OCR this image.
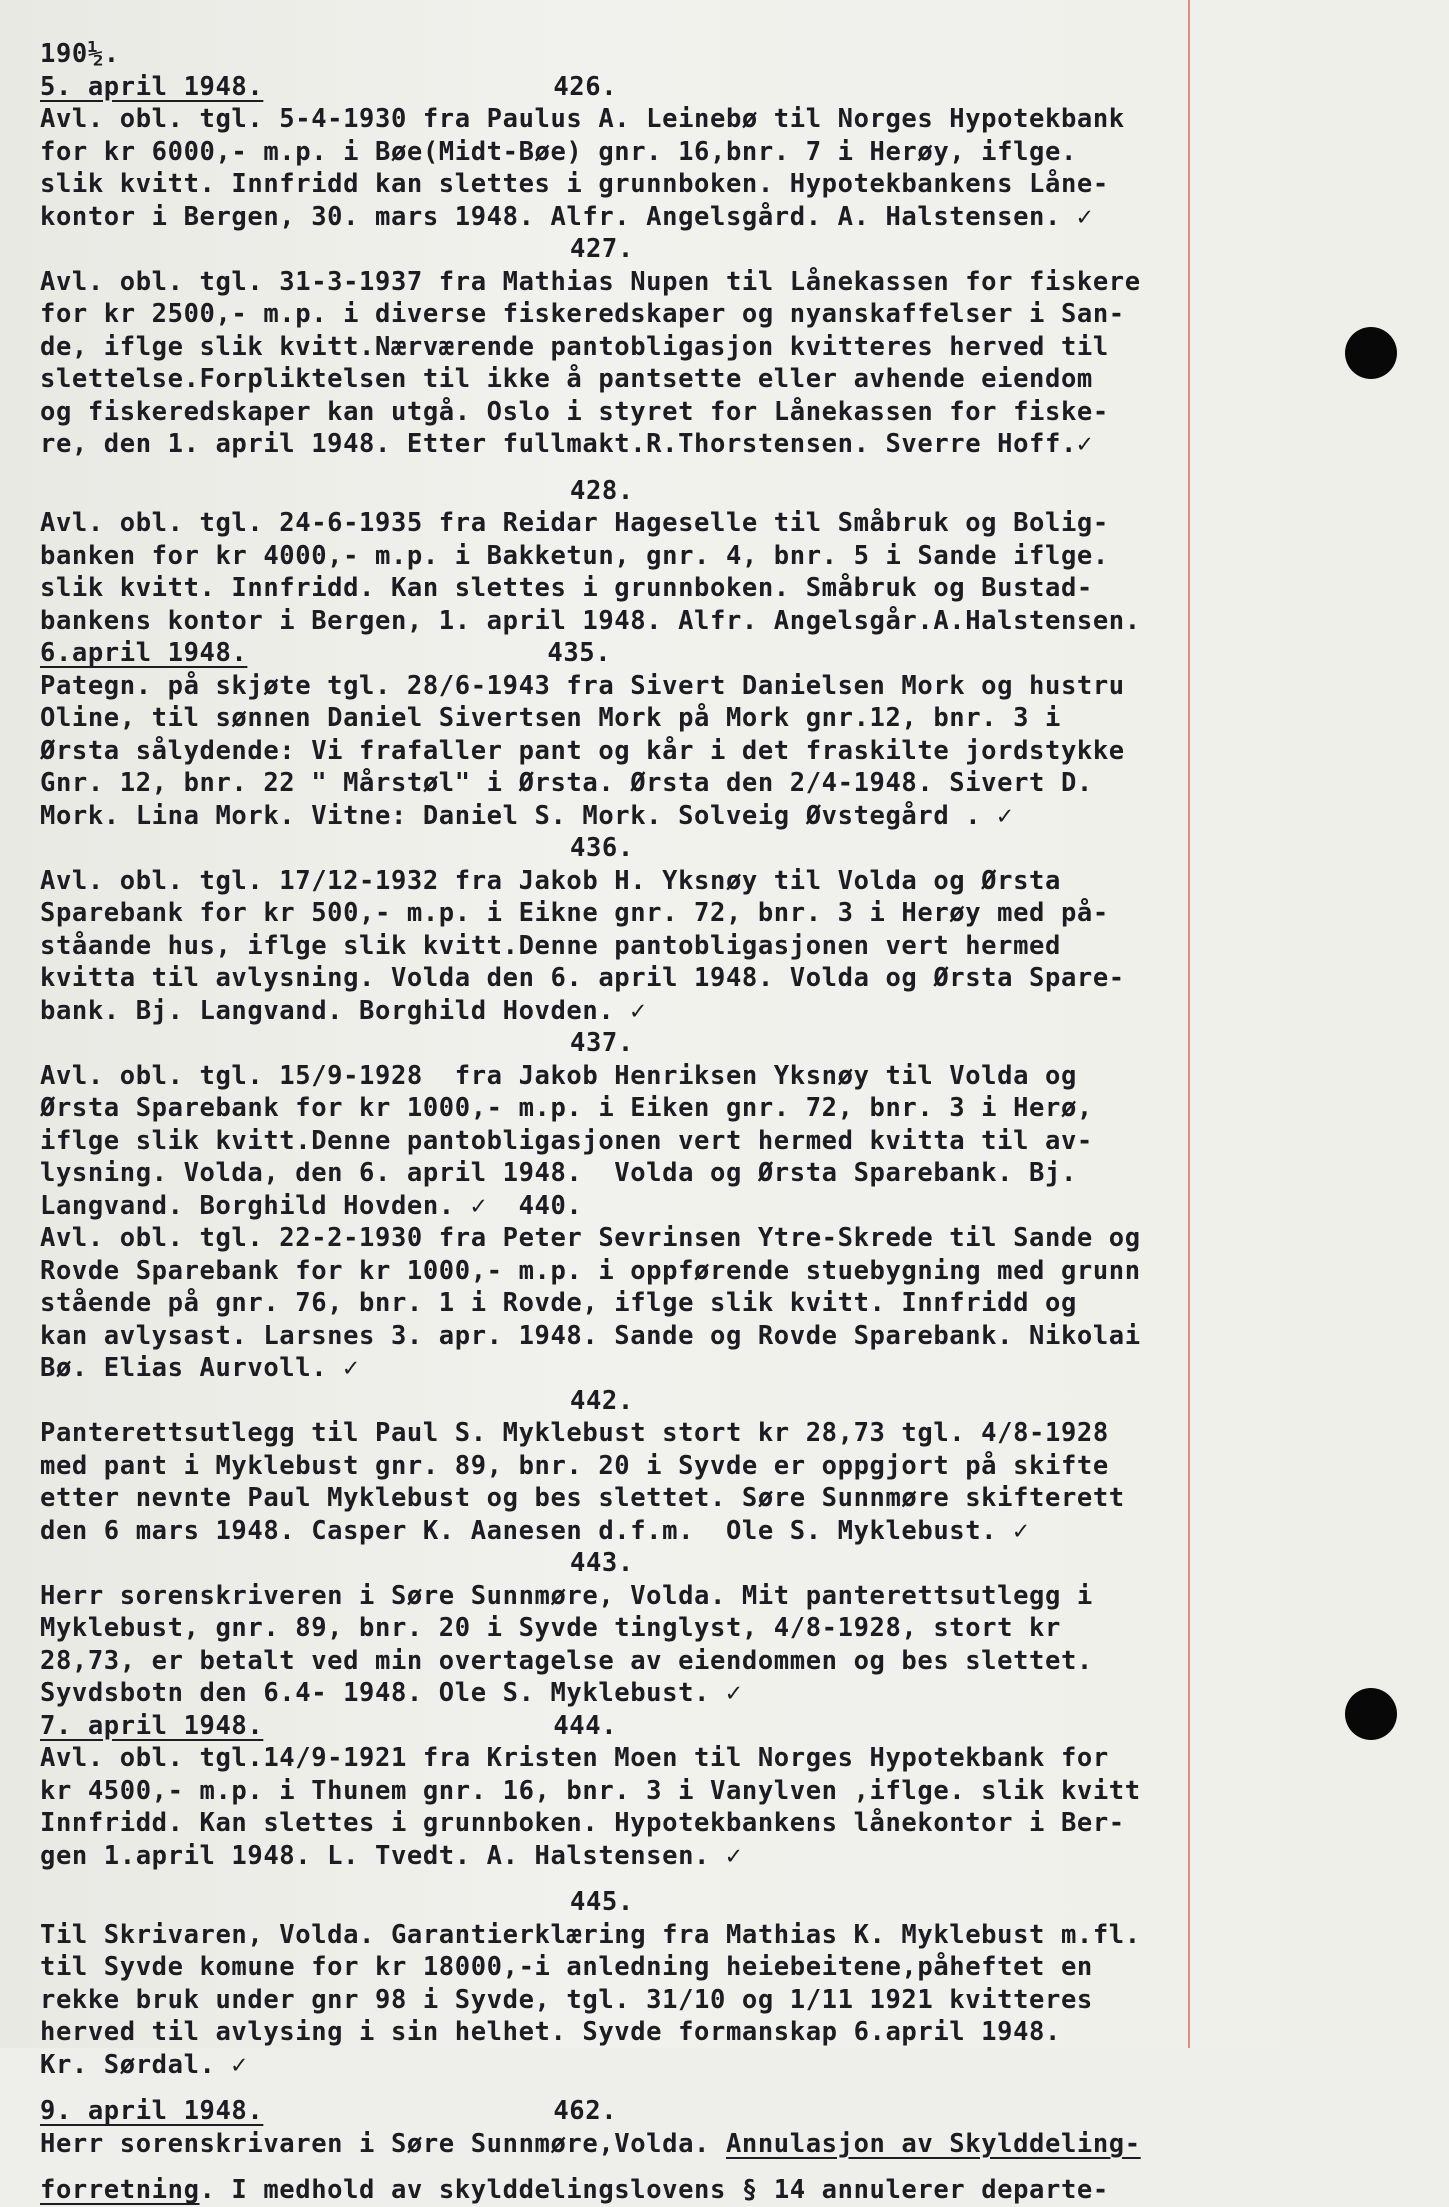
190½.
5. april 1948.	426.
Avl. obl. tgl. 5-4-1930 fra Paulus A. Leinebø til Norges Hypotekbank
for kr 6000,- m.p. i Bøe(Midt-Bøe) gnr. 16,bnr. 7 i Herøy, iflge.
slik kvitt. Innfridd kan slettes i grunnboken. Hypotekbankens Låne-
kontor i Bergen, 30. mars 1948. Alfr. Angelsgård. A. Halstensen. ✓
427.
Avl. obl. tgl. 31-3-1937 fra Mathias Nupen til Lånekassen for fiskere
for kr 2500,- m.p. i diverse fiskeredskaper og nyanskaffelser i San-
de, iflge slik kvitt.Nærværende pantobligasjon kvitteres herved til
slettelse.Forpliktelsen til ikke å pantsette eller avhende eiendom
og fiskeredskaper kan utgå. Oslo i styret for Lånekassen for fiske-
re, den 1. april 1948. Etter fullmakt.R.Thorstensen. Sverre Hoff.✓
428.
Avl. obl. tgl. 24-6-1935 fra Reidar Hageselle til Småbruk og Bolig-
banken for kr 4000,- m.p. i Bakketun, gnr. 4, bnr. 5 i Sande iflge.
slik kvitt. Innfridd. Kan slettes i grunnboken. Småbruk og Bustad-
bankens kontor i Bergen, 1. april 1948. Alfr. Angelsgår.A.Halstensen.
6.april 1948.	435.
Pategn. på skjøte tgl. 28/6-1943 fra Sivert Danielsen Mork og hustru
Oline, til sønnen Daniel Sivertsen Mork på Mork gnr.12, bnr. 3 i
Ørsta sålydende: Vi frafaller pant og kår i det fraskilte jordstykke
Gnr. 12, bnr. 22 " Mårstøl" i Ørsta. Ørsta den 2/4-1948. Sivert D.
Mork. Lina Mork. Vitne: Daniel S. Mork. Solveig Øvstegård . ✓
436.
Avl. obl. tgl. 17/12-1932 fra Jakob H. Yksnøy til Volda og Ørsta
Sparebank for kr 500,- m.p. i Eikne gnr. 72, bnr. 3 i Herøy med på-
ståande hus, iflge slik kvitt.Denne pantobligasjonen vert hermed
kvitta til avlysning. Volda den 6. april 1948. Volda og Ørsta Spare-
bank. Bj. Langvand. Borghild Hovden. ✓
437.
Avl. obl. tgl. 15/9-1928  fra Jakob Henriksen Yksnøy til Volda og
Ørsta Sparebank for kr 1000,- m.p. i Eiken gnr. 72, bnr. 3 i Herø,
iflge slik kvitt.Denne pantobligasjonen vert hermed kvitta til av-
lysning. Volda, den 6. april 1948.  Volda og Ørsta Sparebank. Bj.
Langvand. Borghild Hovden. ✓  440.
Avl. obl. tgl. 22-2-1930 fra Peter Sevrinsen Ytre-Skrede til Sande og
Rovde Sparebank for kr 1000,- m.p. i oppførende stuebygning med grunn
stående på gnr. 76, bnr. 1 i Rovde, iflge slik kvitt. Innfridd og
kan avlysast. Larsnes 3. apr. 1948. Sande og Rovde Sparebank. Nikolai
Bø. Elias Aurvoll. ✓
442.
Panterettsutlegg til Paul S. Myklebust stort kr 28,73 tgl. 4/8-1928
med pant i Myklebust gnr. 89, bnr. 20 i Syvde er oppgjort på skifte
etter nevnte Paul Myklebust og bes slettet. Søre Sunnmøre skifterett
den 6 mars 1948. Casper K. Aanesen d.f.m.  Ole S. Myklebust. ✓
443.
Herr sorenskriveren i Søre Sunnmøre, Volda. Mit panterettsutlegg i
Myklebust, gnr. 89, bnr. 20 i Syvde tinglyst, 4/8-1928, stort kr
28,73, er betalt ved min overtagelse av eiendommen og bes slettet.
Syvdsbotn den 6.4- 1948. Ole S. Myklebust. ✓
7. april 1948.	444.
Avl. obl. tgl.14/9-1921 fra Kristen Moen til Norges Hypotekbank for
kr 4500,- m.p. i Thunem gnr. 16, bnr. 3 i Vanylven ,iflge. slik kvitt
Innfridd. Kan slettes i grunnboken. Hypotekbankens lånekontor i Ber-
gen 1.april 1948. L. Tvedt. A. Halstensen. ✓
445.
Til Skrivaren, Volda. Garantierklæring fra Mathias K. Myklebust m.fl.
til Syvde komune for kr 18000,-i anledning heiebeitene,påheftet en
rekke bruk under gnr 98 i Syvde, tgl. 31/10 og 1/11 1921 kvitteres
herved til avlysing i sin helhet. Syvde formanskap 6.april 1948.
Kr. Sørdal. ✓
9. april 1948.	462.
Herr sorenskrivaren i Søre Sunnmøre,Volda. Annulasjon av Skylddeling-
forretning. I medhold av skylddelingslovens § 14 annulerer departe-
